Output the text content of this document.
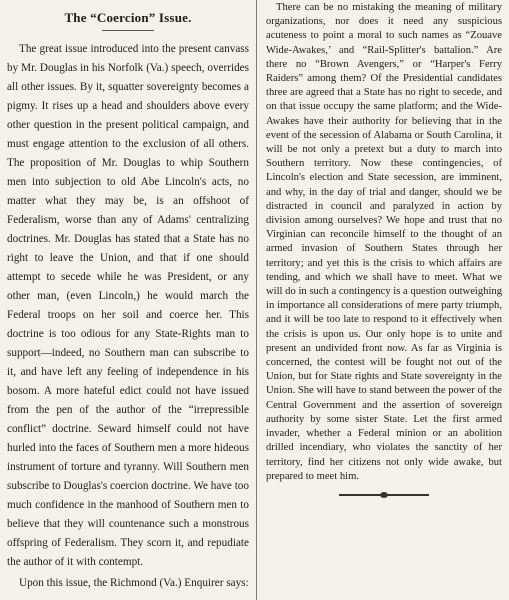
The “Coercion” Issue.

The great issue introduced into the present canvass by Mr. Douglas in his Norfolk (Va.) speech, overrides all other issues. By it, squatter sovereignty becomes a pigmy. It rises up a head and shoulders above every other question in the present political campaign, and must engage attention to the exclusion of all others. The proposition of Mr. Douglas to whip Southern men into subjection to old Abe Lincoln's acts, no matter what they may be, is an offshoot of Federalism, worse than any of Adams' centralizing doctrines. Mr. Douglas has stated that a State has no right to leave the Union, and that if one should attempt to secede while he was President, or any other man, (even Lincoln,) he would march the Federal troops on her soil and coerce her. This doctrine is too odious for any State-Rights man to support—indeed, no Southern man can subscribe to it, and have left any feeling of independence in his bosom. A more hateful edict could not have issued from the pen of the author of the “irrepressible conflict” doctrine. Seward himself could not have hurled into the faces of Southern men a more hideous instrument of torture and tyranny. Will Southern men subscribe to Douglas's coercion doctrine. We have too much confidence in the manhood of Southern men to believe that they will countenance such a monstrous offspring of Federalism. They scorn it, and repudiate the author of it with contempt.

Upon this issue, the Richmond (Va.) Enquirer says:

There can be no mistaking the meaning of military organizations, nor does it need any suspicious acuteness to point a moral to such names as “Zouave Wide-Awakes,’ and “Rail-Splitter's battalion.” Are there no “Brown Avengers,” or “Harper's Ferry Raiders” among them? Of the Presidential candidates three are agreed that a State has no right to secede, and on that issue occupy the same platform; and the Wide-Awakes have their authority for believing that in the event of the secession of Alabama or South Carolina, it will be not only a pretext but a duty to march into Southern territory. Now these contingencies, of Lincoln's election and State secession, are imminent, and why, in the day of trial and danger, should we be distracted in council and paralyzed in action by division among ourselves? We hope and trust that no Virginian can reconcile himself to the thought of an armed invasion of Southern States through her territory; and yet this is the crisis to which affairs are tending, and which we shall have to meet. What we will do in such a contingency is a question outweighing in importance all considerations of mere party triumph, and it will be too late to respond to it effectively when the crisis is upon us. Our only hope is to unite and present an undivided front now. As far as Virginia is concerned, the contest will be fought not out of the Union, but for State rights and State sovereignty in the Union. She will have to stand between the power of the Central Government and the assertion of sovereign authority by some sister State. Let the first armed invader, whether a Federal minion or an abolition drilled incendiary, who violates the sanctity of her territory, find her citizens not only wide awake, but prepared to meet him.
